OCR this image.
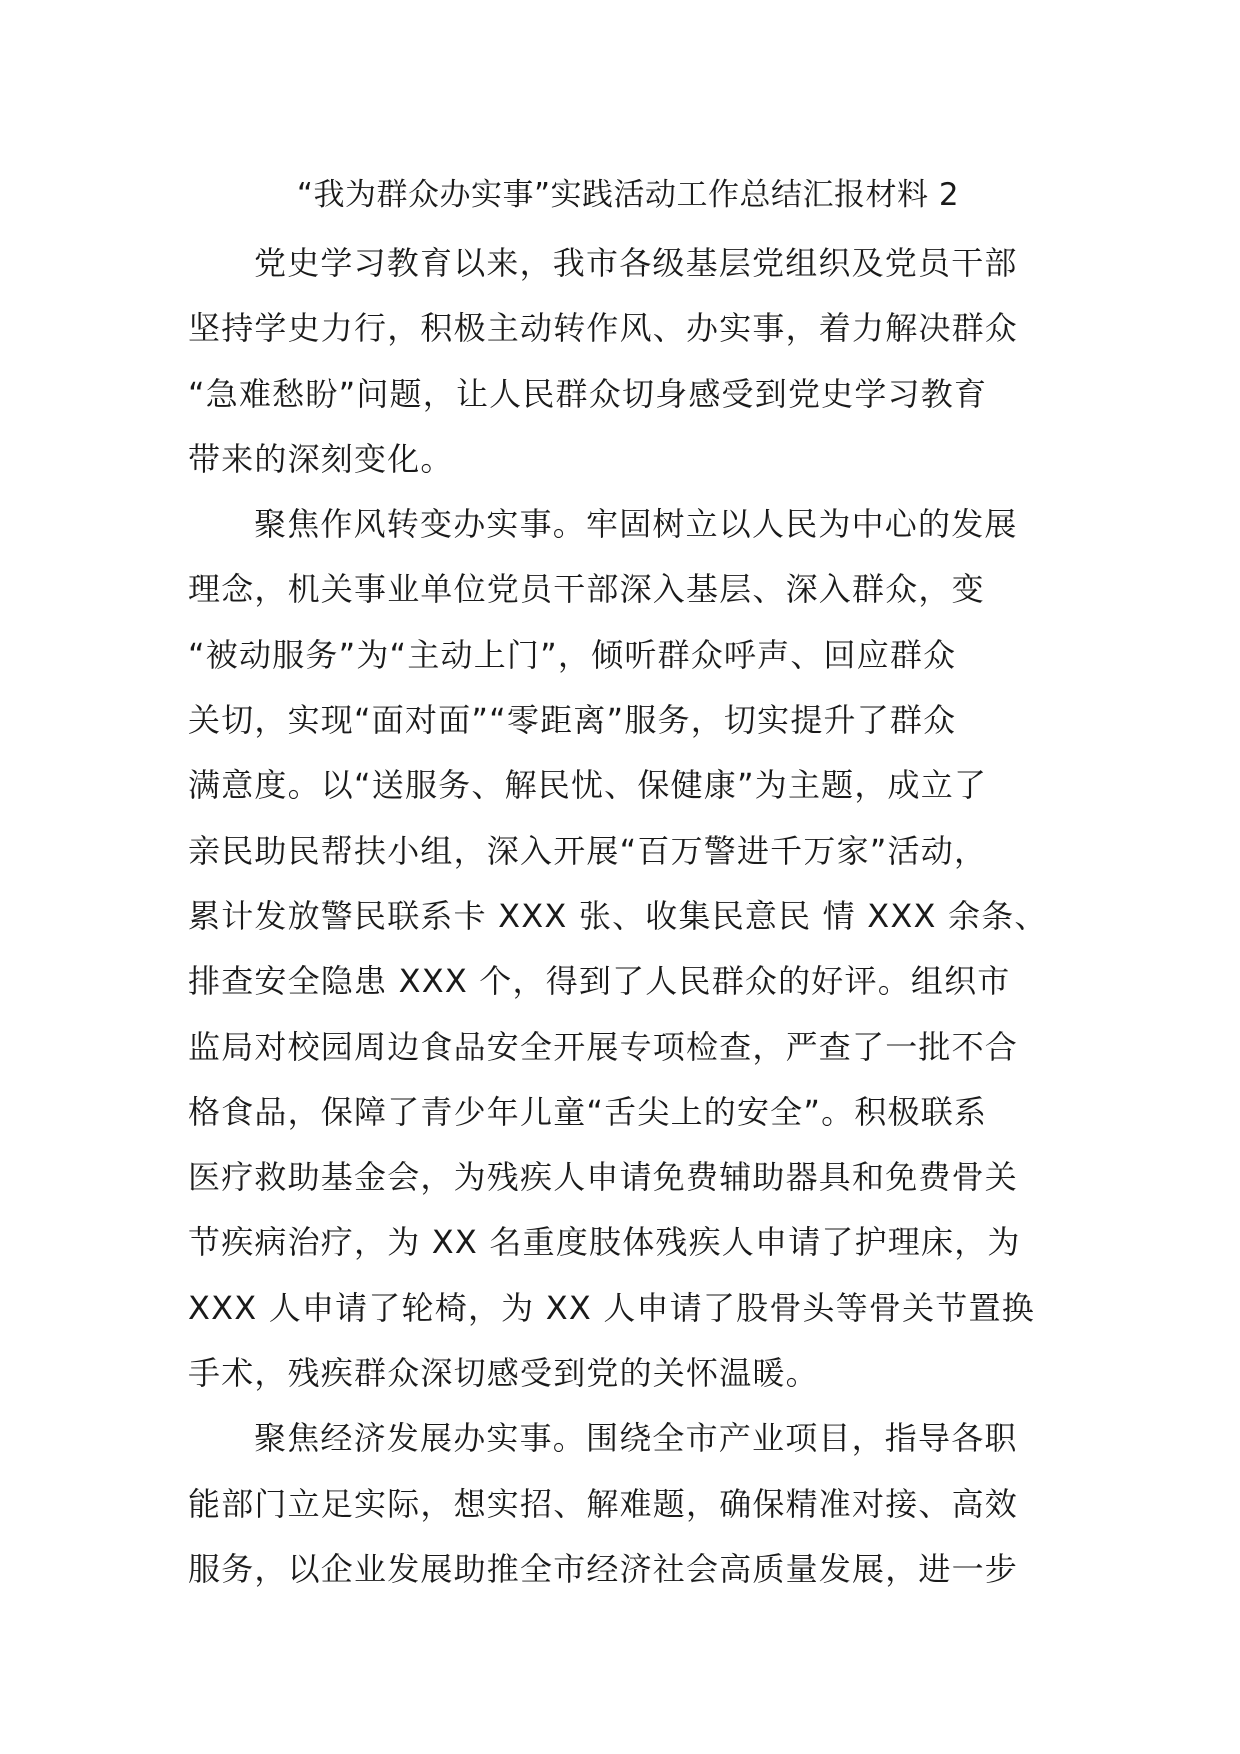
“我为群众办实事”实践活动工作总结汇报材料 2
党史学习教育以来，我市各级基层党组织及党员干部
坚持学史力行，积极主动转作风、办实事，着力解决群众
“急难愁盼”问题，让人民群众切身感受到党史学习教育
带来的深刻变化。
聚焦作风转变办实事。牢固树立以人民为中心的发展
理念，机关事业单位党员干部深入基层、深入群众，变
“被动服务”为“主动上门”，倾听群众呼声、回应群众
关切，实现“面对面”“零距离”服务，切实提升了群众
满意度。以“送服务、解民忧、保健康”为主题，成立了
亲民助民帮扶小组，深入开展“百万警进千万家”活动，
累计发放警民联系卡 XXX 张、收集民意民 情 XXX 余条、
排查安全隐患 XXX 个，得到了人民群众的好评。组织市
监局对校园周边食品安全开展专项检查，严查了一批不合
格食品，保障了青少年儿童“舌尖上的安全”。积极联系
医疗救助基金会，为残疾人申请免费辅助器具和免费骨关
节疾病治疗，为 XX 名重度肢体残疾人申请了护理床，为
XXX 人申请了轮椅，为 XX 人申请了股骨头等骨关节置换
手术，残疾群众深切感受到党的关怀温暖。
聚焦经济发展办实事。围绕全市产业项目，指导各职
能部门立足实际，想实招、解难题，确保精准对接、高效
服务，以企业发展助推全市经济社会高质量发展，进一步
